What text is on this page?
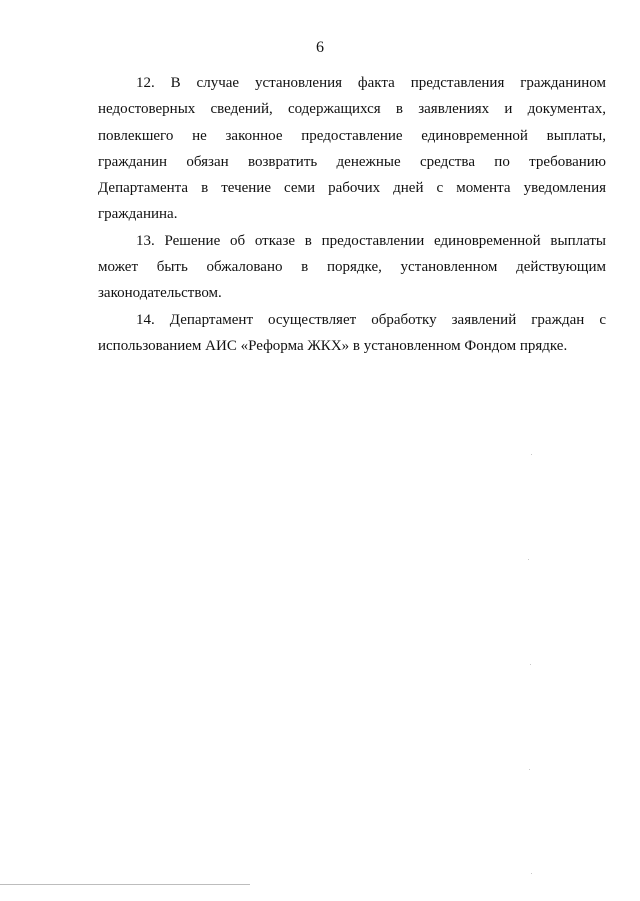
6

12. В случае установления факта представления гражданином
недостоверных сведений, содержащихся в заявлениях и документах,
повлекшего не законное предоставление единовременной выплаты,
гражданин обязан возвратить денежные средства по требованию
Департамента в течение семи рабочих дней с момента уведомления
гражданина.

13. Решение об отказе в предоставлении единовременной выплаты
может быть обжаловано в порядке, установленном действующим
законодательством.

14. Департамент осуществляет обработку заявлений граждан с
использованием АИС «Реформа ЖКХ» в установленном Фондом прядке.
